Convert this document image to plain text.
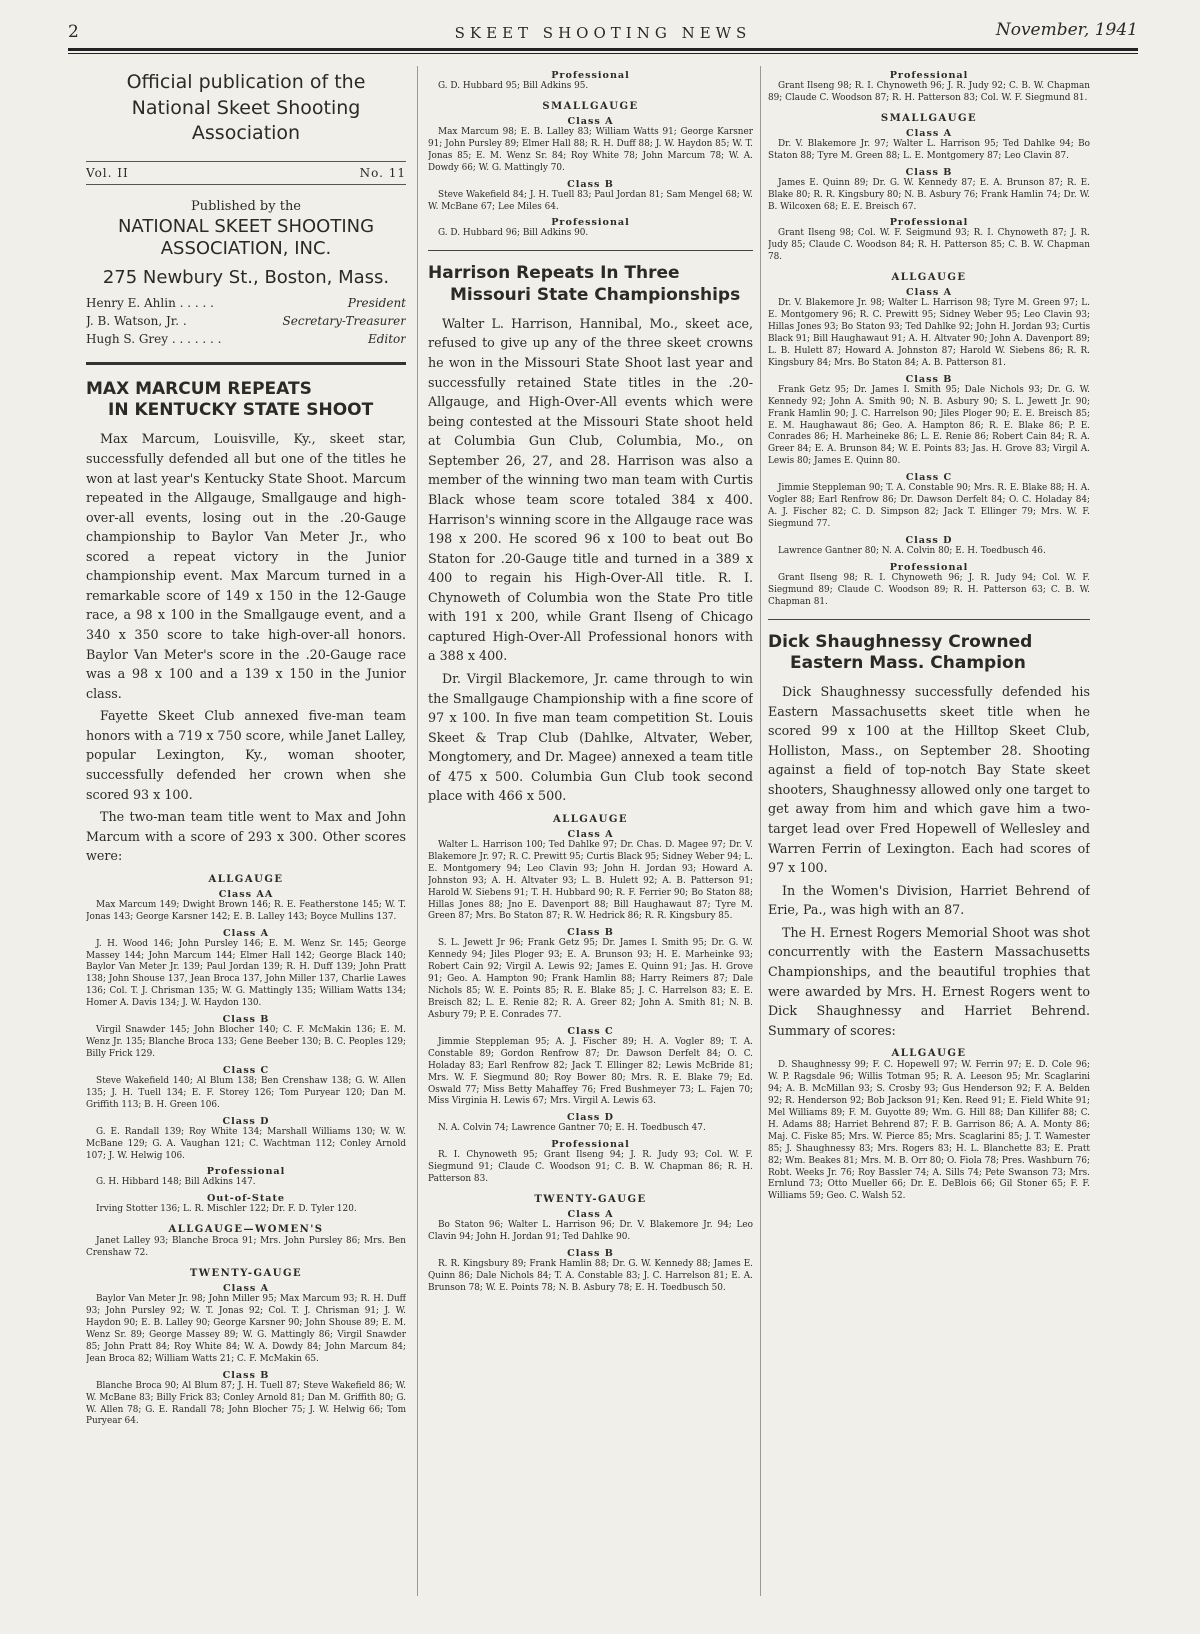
2	SKEET SHOOTING NEWS	November, 1941
Official publication of the National Skeet Shooting Association
Vol. II	No. 11
Published by the
NATIONAL SKEET SHOOTING ASSOCIATION, INC.
275 Newbury St., Boston, Mass.
Henry E. Ahlin . . . . .	President
J. B. Watson, Jr. .	Secretary-Treasurer
Hugh S. Grey . . . . . . .	Editor
MAX MARCUM REPEATS
IN KENTUCKY STATE SHOOT

Max Marcum, Louisville, Ky., skeet star, successfully defended all but one of the titles he won at last year's Kentucky State Shoot. Marcum repeated in the Allgauge, Smallgauge and high-over-all events, losing out in the .20-Gauge championship to Baylor Van Meter Jr., who scored a repeat victory in the Junior championship event. Max Marcum turned in a remarkable score of 149 x 150 in the 12-Gauge race, a 98 x 100 in the Smallgauge event, and a 340 x 350 score to take high-over-all honors. Baylor Van Meter's score in the .20-Gauge race was a 98 x 100 and a 139 x 150 in the Junior class.

Fayette Skeet Club annexed five-man team honors with a 719 x 750 score, while Janet Lalley, popular Lexington, Ky., woman shooter, successfully defended her crown when she scored 93 x 100.

The two-man team title went to Max and John Marcum with a score of 293 x 300. Other scores were:

ALLGAUGE
Class AA

Max Marcum 149; Dwight Brown 146; R. E. Featherstone 145; W. T. Jonas 143; George Karsner 142; E. B. Lalley 143; Boyce Mullins 137.

Class A

J. H. Wood 146; John Pursley 146; E. M. Wenz Sr. 145; George Massey 144; John Marcum 144; Elmer Hall 142; George Black 140; Baylor Van Meter Jr. 139; Paul Jordan 139; R. H. Duff 139; John Pratt 138; John Shouse 137, Jean Broca 137, John Miller 137, Charlie Lawes 136; Col. T. J. Chrisman 135; W. G. Mattingly 135; William Watts 134; Homer A. Davis 134; J. W. Haydon 130.

Class B

Virgil Snawder 145; John Blocher 140; C. F. McMakin 136; E. M. Wenz Jr. 135; Blanche Broca 133; Gene Beeber 130; B. C. Peoples 129; Billy Frick 129.

Class C

Steve Wakefield 140; Al Blum 138; Ben Crenshaw 138; G. W. Allen 135; J. H. Tuell 134; E. F. Storey 126; Tom Puryear 120; Dan M. Griffith 113; B. H. Green 106.

Class D

G. E. Randall 139; Roy White 134; Marshall Williams 130; W. W. McBane 129; G. A. Vaughan 121; C. Wachtman 112; Conley Arnold 107; J. W. Helwig 106.

Professional

G. H. Hibbard 148; Bill Adkins 147.

Out-of-State

Irving Stotter 136; L. R. Mischler 122; Dr. F. D. Tyler 120.

ALLGAUGE—WOMEN'S

Janet Lalley 93; Blanche Broca 91; Mrs. John Pursley 86; Mrs. Ben Crenshaw 72.

TWENTY-GAUGE
Class A

Baylor Van Meter Jr. 98; John Miller 95; Max Marcum 93; R. H. Duff 93; John Pursley 92; W. T. Jonas 92; Col. T. J. Chrisman 91; J. W. Haydon 90; E. B. Lalley 90; George Karsner 90; John Shouse 89; E. M. Wenz Sr. 89; George Massey 89; W. G. Mattingly 86; Virgil Snawder 85; John Pratt 84; Roy White 84; W. A. Dowdy 84; John Marcum 84; Jean Broca 82; William Watts 21; C. F. McMakin 65.

Class B

Blanche Broca 90; Al Blum 87; J. H. Tuell 87; Steve Wakefield 86; W. W. McBane 83; Billy Frick 83; Conley Arnold 81; Dan M. Griffith 80; G. W. Allen 78; G. E. Randall 78; John Blocher 75; J. W. Helwig 66; Tom Puryear 64.

Professional

G. D. Hubbard 95; Bill Adkins 95.

SMALLGAUGE
Class A

Max Marcum 98; E. B. Lalley 83; William Watts 91; George Karsner 91; John Pursley 89; Elmer Hall 88; R. H. Duff 88; J. W. Haydon 85; W. T. Jonas 85; E. M. Wenz Sr. 84; Roy White 78; John Marcum 78; W. A. Dowdy 66; W. G. Mattingly 70.

Class B

Steve Wakefield 84; J. H. Tuell 83; Paul Jordan 81; Sam Mengel 68; W. W. McBane 67; Lee Miles 64.

Professional

G. D. Hubbard 96; Bill Adkins 90.

Harrison Repeats In Three
Missouri State Championships

Walter L. Harrison, Hannibal, Mo., skeet ace, refused to give up any of the three skeet crowns he won in the Missouri State Shoot last year and successfully retained State titles in the .20-Allgauge, and High-Over-All events which were being contested at the Missouri State shoot held at Columbia Gun Club, Columbia, Mo., on September 26, 27, and 28. Harrison was also a member of the winning two man team with Curtis Black whose team score totaled 384 x 400. Harrison's winning score in the Allgauge race was 198 x 200. He scored 96 x 100 to beat out Bo Staton for .20-Gauge title and turned in a 389 x 400 to regain his High-Over-All title. R. I. Chynoweth of Columbia won the State Pro title with 191 x 200, while Grant Ilseng of Chicago captured High-Over-All Professional honors with a 388 x 400.

Dr. Virgil Blackemore, Jr. came through to win the Smallgauge Championship with a fine score of 97 x 100. In five man team competition St. Louis Skeet & Trap Club (Dahlke, Altvater, Weber, Mongtomery, and Dr. Magee) annexed a team title of 475 x 500. Columbia Gun Club took second place with 466 x 500.

ALLGAUGE
Class A

Walter L. Harrison 100; Ted Dahlke 97; Dr. Chas. D. Magee 97; Dr. V. Blakemore Jr. 97; R. C. Prewitt 95; Curtis Black 95; Sidney Weber 94; L. E. Montgomery 94; Leo Clavin 93; John H. Jordan 93; Howard A. Johnston 93; A. H. Altvater 93; L. B. Hulett 92; A. B. Patterson 91; Harold W. Siebens 91; T. H. Hubbard 90; R. F. Ferrier 90; Bo Staton 88; Hillas Jones 88; Jno E. Davenport 88; Bill Haughawaut 87; Tyre M. Green 87; Mrs. Bo Staton 87; R. W. Hedrick 86; R. R. Kingsbury 85.

Class B

S. L. Jewett Jr 96; Frank Getz 95; Dr. James I. Smith 95; Dr. G. W. Kennedy 94; Jiles Ploger 93; E. A. Brunson 93; H. E. Marheinke 93; Robert Cain 92; Virgil A. Lewis 92; James E. Quinn 91; Jas. H. Grove 91; Geo. A. Hampton 90; Frank Hamlin 88; Harry Reimers 87; Dale Nichols 85; W. E. Points 85; R. E. Blake 85; J. C. Harrelson 83; E. E. Breisch 82; L. E. Renie 82; R. A. Greer 82; John A. Smith 81; N. B. Asbury 79; P. E. Conrades 77.

Class C

Jimmie Steppleman 95; A. J. Fischer 89; H. A. Vogler 89; T. A. Constable 89; Gordon Renfrow 87; Dr. Dawson Derfelt 84; O. C. Holaday 83; Earl Renfrow 82; Jack T. Ellinger 82; Lewis McBride 81; Mrs. W. F. Siegmund 80; Roy Bower 80; Mrs. R. E. Blake 79; Ed. Oswald 77; Miss Betty Mahaffey 76; Fred Bushmeyer 73; L. Fajen 70; Miss Virginia H. Lewis 67; Mrs. Virgil A. Lewis 63.

Class D

N. A. Colvin 74; Lawrence Gantner 70; E. H. Toedbusch 47.

Professional

R. I. Chynoweth 95; Grant Ilseng 94; J. R. Judy 93; Col. W. F. Siegmund 91; Claude C. Woodson 91; C. B. W. Chapman 86; R. H. Patterson 83.

TWENTY-GAUGE
Class A

Bo Staton 96; Walter L. Harrison 96; Dr. V. Blakemore Jr. 94; Leo Clavin 94; John H. Jordan 91; Ted Dahlke 90.

Class B

R. R. Kingsbury 89; Frank Hamlin 88; Dr. G. W. Kennedy 88; James E. Quinn 86; Dale Nichols 84; T. A. Constable 83; J. C. Harrelson 81; E. A. Brunson 78; W. E. Points 78; N. B. Asbury 78; E. H. Toedbusch 50.

Professional

Grant Ilseng 98; R. I. Chynoweth 96; J. R. Judy 92; C. B. W. Chapman 89; Claude C. Woodson 87; R. H. Patterson 83; Col. W. F. Siegmund 81.

SMALLGAUGE
Class A

Dr. V. Blakemore Jr. 97; Walter L. Harrison 95; Ted Dahlke 94; Bo Staton 88; Tyre M. Green 88; L. E. Montgomery 87; Leo Clavin 87.

Class B

James E. Quinn 89; Dr. G. W. Kennedy 87; E. A. Brunson 87; R. E. Blake 80; R. R. Kingsbury 80; N. B. Asbury 76; Frank Hamlin 74; Dr. W. B. Wilcoxen 68; E. E. Breisch 67.

Professional

Grant Ilseng 98; Col. W. F. Seigmund 93; R. I. Chynoweth 87; J. R. Judy 85; Claude C. Woodson 84; R. H. Patterson 85; C. B. W. Chapman 78.

ALLGAUGE
Class A

Dr. V. Blakemore Jr. 98; Walter L. Harrison 98; Tyre M. Green 97; L. E. Montgomery 96; R. C. Prewitt 95; Sidney Weber 95; Leo Clavin 93; Hillas Jones 93; Bo Staton 93; Ted Dahlke 92; John H. Jordan 93; Curtis Black 91; Bill Haughawaut 91; A. H. Altvater 90; John A. Davenport 89; L. B. Hulett 87; Howard A. Johnston 87; Harold W. Siebens 86; R. R. Kingsbury 84; Mrs. Bo Staton 84; A. B. Patterson 81.

Class B

Frank Getz 95; Dr. James I. Smith 95; Dale Nichols 93; Dr. G. W. Kennedy 92; John A. Smith 90; N. B. Asbury 90; S. L. Jewett Jr. 90; Frank Hamlin 90; J. C. Harrelson 90; Jiles Ploger 90; E. E. Breisch 85; E. M. Haughawaut 86; Geo. A. Hampton 86; R. E. Blake 86; P. E. Conrades 86; H. Marheineke 86; L. E. Renie 86; Robert Cain 84; R. A. Greer 84; E. A. Brunson 84; W. E. Points 83; Jas. H. Grove 83; Virgil A. Lewis 80; James E. Quinn 80.

Class C

Jimmie Steppleman 90; T. A. Constable 90; Mrs. R. E. Blake 88; H. A. Vogler 88; Earl Renfrow 86; Dr. Dawson Derfelt 84; O. C. Holaday 84; A. J. Fischer 82; C. D. Simpson 82; Jack T. Ellinger 79; Mrs. W. F. Siegmund 77.

Class D

Lawrence Gantner 80; N. A. Colvin 80; E. H. Toedbusch 46.

Professional

Grant Ilseng 98; R. I. Chynoweth 96; J. R. Judy 94; Col. W. F. Siegmund 89; Claude C. Woodson 89; R. H. Patterson 63; C. B. W. Chapman 81.

Dick Shaughnessy Crowned
Eastern Mass. Champion

Dick Shaughnessy successfully defended his Eastern Massachusetts skeet title when he scored 99 x 100 at the Hilltop Skeet Club, Holliston, Mass., on September 28. Shooting against a field of top-notch Bay State skeet shooters, Shaughnessy allowed only one target to get away from him and which gave him a two-target lead over Fred Hopewell of Wellesley and Warren Ferrin of Lexington. Each had scores of 97 x 100.

In the Women's Division, Harriet Behrend of Erie, Pa., was high with an 87.

The H. Ernest Rogers Memorial Shoot was shot concurrently with the Eastern Massachusetts Championships, and the beautiful trophies that were awarded by Mrs. H. Ernest Rogers went to Dick Shaughnessy and Harriet Behrend. Summary of scores:

ALLGAUGE

D. Shaughnessy 99; F. C. Hopewell 97; W. Ferrin 97; E. D. Cole 96; W. P. Ragsdale 96; Willis Totman 95; R. A. Leeson 95; Mr. Scaglarini 94; A. B. McMillan 93; S. Crosby 93; Gus Henderson 92; F. A. Belden 92; R. Henderson 92; Bob Jackson 91; Ken. Reed 91; E. Field White 91; Mel Williams 89; F. M. Guyotte 89; Wm. G. Hill 88; Dan Killifer 88; C. H. Adams 88; Harriet Behrend 87; F. B. Garrison 86; A. A. Monty 86; Maj. C. Fiske 85; Mrs. W. Pierce 85; Mrs. Scaglarini 85; J. T. Wamester 85; J. Shaughnessy 83; Mrs. Rogers 83; H. L. Blanchette 83; E. Pratt 82; Wm. Beakes 81; Mrs. M. B. Orr 80; O. Fiola 78; Pres. Washburn 76; Robt. Weeks Jr. 76; Roy Bassler 74; A. Sills 74; Pete Swanson 73; Mrs. Ernlund 73; Otto Mueller 66; Dr. E. DeBlois 66; Gil Stoner 65; F. F. Williams 59; Geo. C. Walsh 52.
